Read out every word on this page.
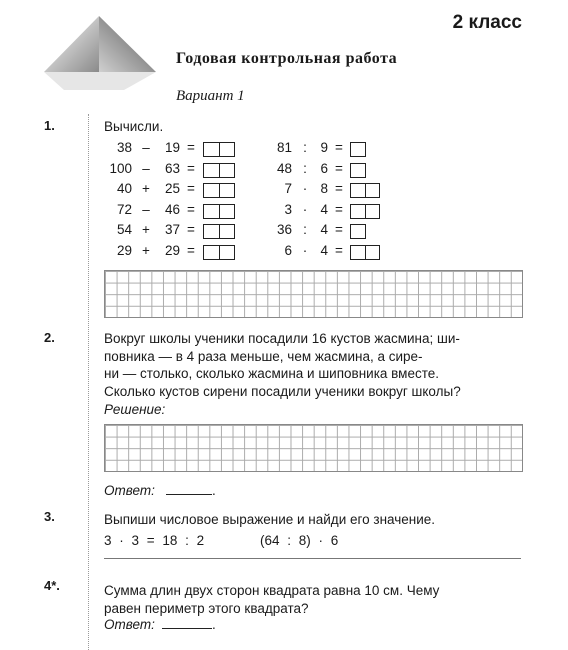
2 класс
Годовая контрольная работа
Вариант 1
1.	Вычисли.
38 –	19 =
100 –	63 =
40 +	25 =
72 –	46 =
54 +	37 =
29 +	29 =
81 :	9 =
48 :	6 =
7 · 8 =
3 · 4 =
36 :	4 =
6 · 4 =
2.	Вокруг школы ученики посадили 16 кустов жасмина; ши-
повника — в 4 раза меньше, чем жасмина, а сире-
ни — столько, сколько жасмина и шиповника вместе.
Сколько кустов сирени посадили ученики вокруг школы?
Решение:
Ответ:	.
3.	Выпиши числовое выражение и найди его значение.
3 · 3 = 18 : 2	(64 : 8) · 6
4*.	Сумма длин двух сторон квадрата равна 10 см. Чему
равен периметр этого квадрата?
Ответ:	.
